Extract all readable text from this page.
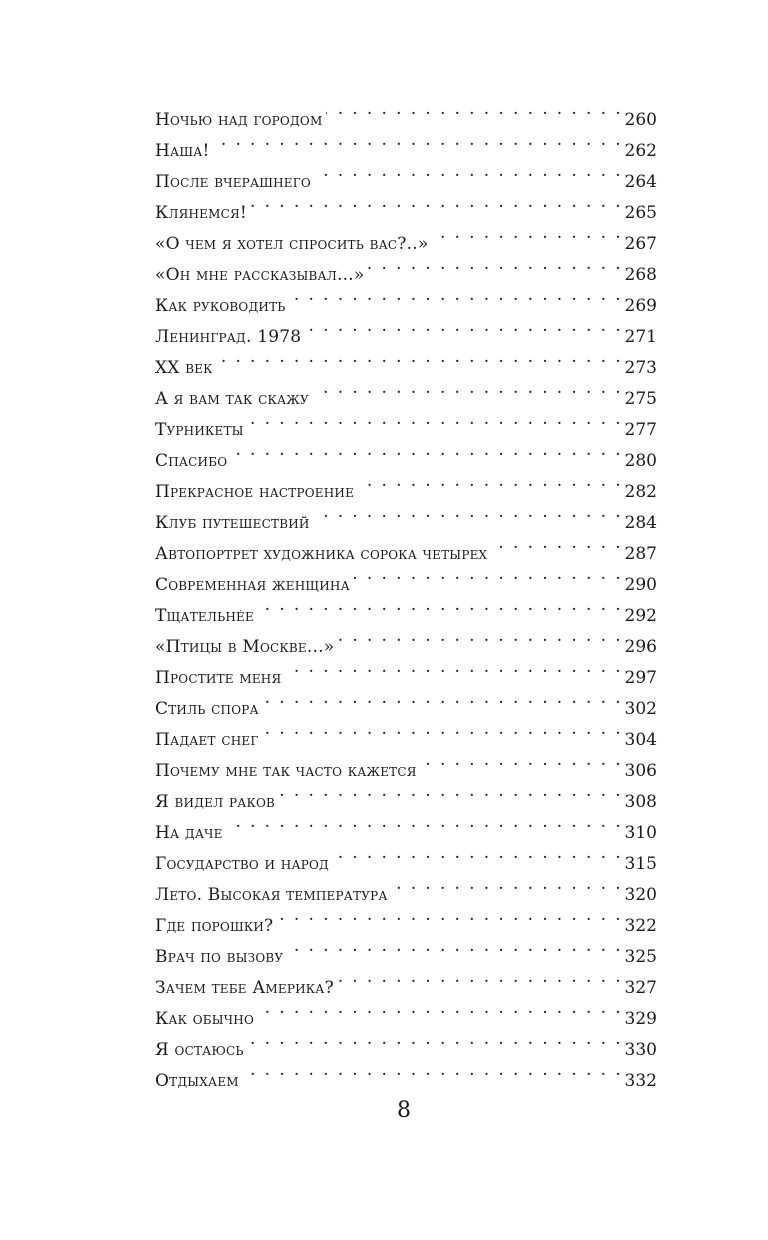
Ночью над городом . . .	260
Наша! . . .	262
После вчерашнего . . .	264
Клянемся! . . .	265
«О чем я хотел спросить вас?..» . . .	267
«Он мне рассказывал...» . . .	268
Как руководить . . .	269
Ленинград. 1978 . . .	271
XX век . . .	273
А я вам так скажу . . .	275
Турникеты . . .	277
Спасибо . . .	280
Прекрасное настроение . . .	282
Клуб путешествий . . .	284
Автопортрет художника сорока четырех . . .	287
Современная женщина . . .	290
Тщательнée . . .	292
«Птицы в Москве...» . . .	296
Простите меня . . .	297
Стиль спора . . .	302
Падает снег . . .	304
Почему мне так часто кажется . . .	306
Я видел раков . . .	308
На даче . . .	310
Государство и народ . . .	315
Лето. Высокая температура . . .	320
Где порошки? . . .	322
Врач по вызову . . .	325
Зачем тебе Америка? . . .	327
Как обычно . . .	329
Я остаюсь . . .	330
Отдыхаем . . .	332
8
